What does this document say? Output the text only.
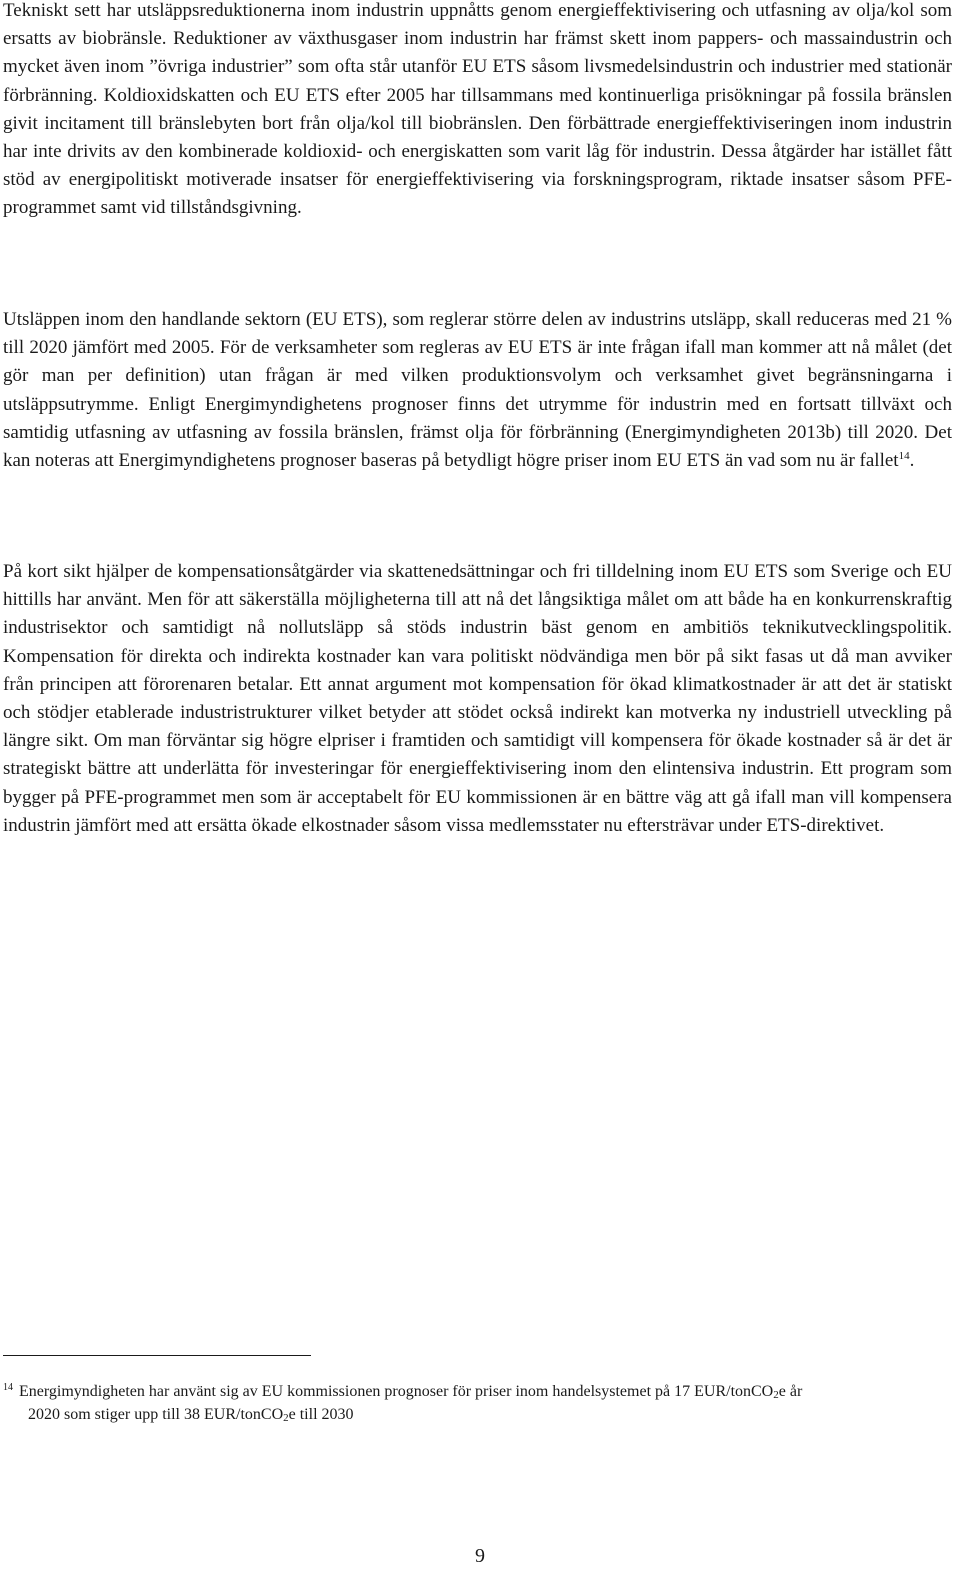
Tekniskt sett har utsläppsreduktionerna inom industrin uppnåtts genom energieffektivisering och utfasning av olja/kol som ersatts av biobränsle. Reduktioner av växthusgaser inom industrin har främst skett inom pappers- och massaindustrin och mycket även inom ”övriga industrier” som ofta står utanför EU ETS såsom livsmedelsindustrin och industrier med stationär förbränning. Koldioxidskatten och EU ETS efter 2005 har tillsammans med kontinuerliga prisökningar på fossila bränslen givit incitament till bränslebyten bort från olja/kol till biobränslen. Den förbättrade energieffektiviseringen inom industrin har inte drivits av den kombinerade koldioxid- och energiskatten som varit låg för industrin. Dessa åtgärder har istället fått stöd av energipolitiskt motiverade insatser för energieffektivisering via forskningsprogram, riktade insatser såsom PFE-programmet samt vid tillståndsgivning.

Utsläppen inom den handlande sektorn (EU ETS), som reglerar större delen av industrins utsläpp, skall reduceras med 21 % till 2020 jämfört med 2005. För de verksamheter som regleras av EU ETS är inte frågan ifall man kommer att nå målet (det gör man per definition) utan frågan är med vilken produktionsvolym och verksamhet givet begränsningarna i utsläppsutrymme. Enligt Energimyndighetens prognoser finns det utrymme för industrin med en fortsatt tillväxt och samtidig utfasning av utfasning av fossila bränslen, främst olja för förbränning (Energimyndigheten 2013b) till 2020. Det kan noteras att Energimyndighetens prognoser baseras på betydligt högre priser inom EU ETS än vad som nu är fallet$^{14}$.

På kort sikt hjälper de kompensationsåtgärder via skattenedsättningar och fri tilldelning inom EU ETS som Sverige och EU hittills har använt. Men för att säkerställa möjligheterna till att nå det långsiktiga målet om att både ha en konkurrenskraftig industrisektor och samtidigt nå nollutsläpp så stöds industrin bäst genom en ambitiös teknikutvecklingspolitik. Kompensation för direkta och indirekta kostnader kan vara politiskt nödvändiga men bör på sikt fasas ut då man avviker från principen att förorenaren betalar. Ett annat argument mot kompensation för ökad klimatkostnader är att det är statiskt och stödjer etablerade industristrukturer vilket betyder att stödet också indirekt kan motverka ny industriell utveckling på längre sikt. Om man förväntar sig högre elpriser i framtiden och samtidigt vill kompensera för ökade kostnader så är det är strategiskt bättre att underlätta för investeringar för energieffektivisering inom den elintensiva industrin. Ett program som bygger på PFE-programmet men som är acceptabelt för EU kommissionen är en bättre väg att gå ifall man vill kompensera industrin jämfört med att ersätta ökade elkostnader såsom vissa medlemsstater nu eftersträvar under ETS-direktivet.

$^{14}$ Energimyndigheten har använt sig av EU kommissionen prognoser för priser inom handelsystemet på 17 EUR/tonCO2e år
2020 som stiger upp till 38 EUR/tonCO2e till 2030
9
